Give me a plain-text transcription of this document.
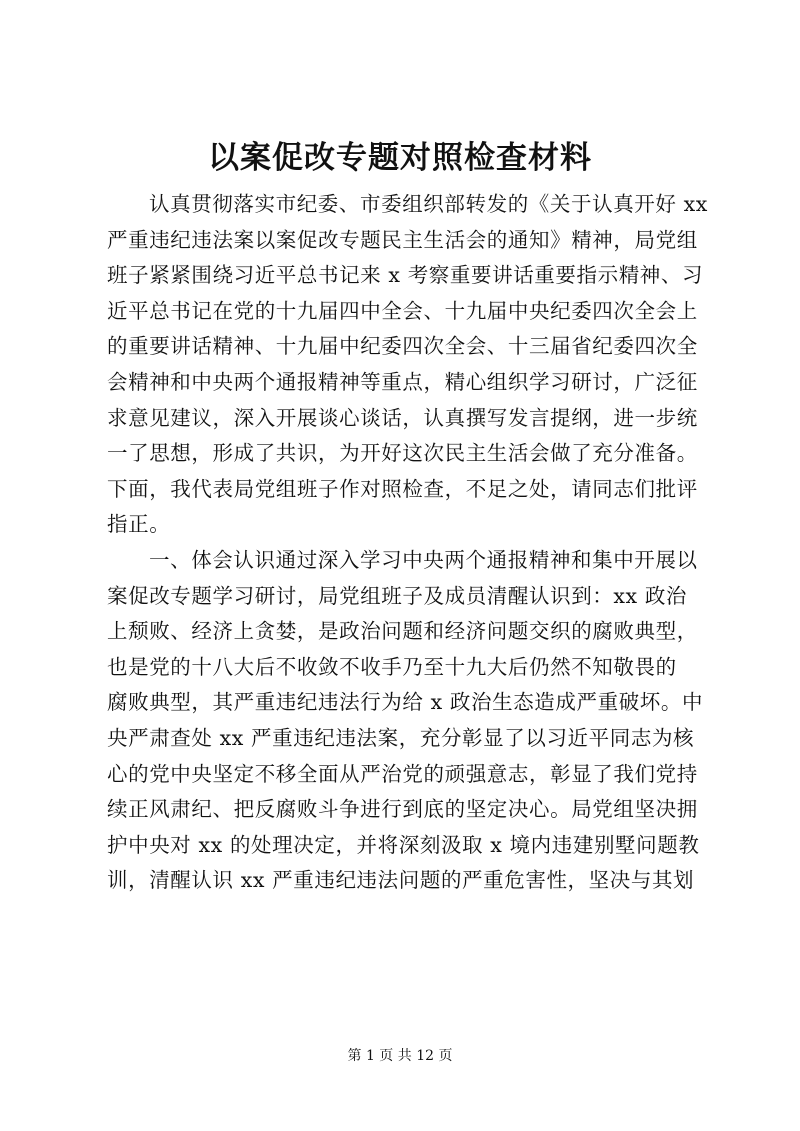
以案促改专题对照检查材料
认真贯彻落实市纪委、市委组织部转发的《关于认真开好 xx
严重违纪违法案以案促改专题民主生活会的通知》精神，局党组
班子紧紧围绕习近平总书记来 x 考察重要讲话重要指示精神、习
近平总书记在党的十九届四中全会、十九届中央纪委四次全会上
的重要讲话精神、十九届中纪委四次全会、十三届省纪委四次全
会精神和中央两个通报精神等重点，精心组织学习研讨，广泛征
求意见建议，深入开展谈心谈话，认真撰写发言提纲，进一步统
一了思想，形成了共识，为开好这次民主生活会做了充分准备。
下面，我代表局党组班子作对照检查，不足之处，请同志们批评
指正。
一、体会认识通过深入学习中央两个通报精神和集中开展以
案促改专题学习研讨，局党组班子及成员清醒认识到：xx 政治
上颓败、经济上贪婪，是政治问题和经济问题交织的腐败典型，
也是党的十八大后不收敛不收手乃至十九大后仍然不知敬畏的
腐败典型，其严重违纪违法行为给 x 政治生态造成严重破坏。中
央严肃查处 xx 严重违纪违法案，充分彰显了以习近平同志为核
心的党中央坚定不移全面从严治党的顽强意志，彰显了我们党持
续正风肃纪、把反腐败斗争进行到底的坚定决心。局党组坚决拥
护中央对 xx 的处理决定，并将深刻汲取 x 境内违建别墅问题教
训，清醒认识 xx 严重违纪违法问题的严重危害性，坚决与其划
第 1 页 共 12 页
